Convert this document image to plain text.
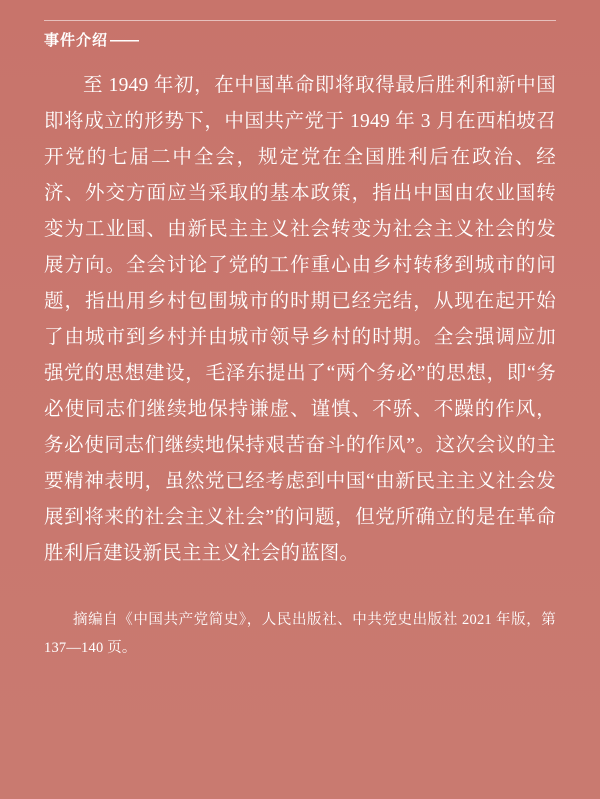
事件介绍 ——
至 1949 年初，在中国革命即将取得最后胜利和新中国即将成立的形势下，中国共产党于 1949 年 3 月在西柏坡召开党的七届二中全会，规定党在全国胜利后在政治、经济、外交方面应当采取的基本政策，指出中国由农业国转变为工业国、由新民主主义社会转变为社会主义社会的发展方向。全会讨论了党的工作重心由乡村转移到城市的问题，指出用乡村包围城市的时期已经完结，从现在起开始了由城市到乡村并由城市领导乡村的时期。全会强调应加强党的思想建设，毛泽东提出了“两个务必”的思想，即“务必使同志们继续地保持谦虚、谨慎、不骄、不躁的作风，务必使同志们继续地保持艰苦奋斗的作风”。这次会议的主要精神表明，虽然党已经考虑到中国“由新民主主义社会发展到将来的社会主义社会”的问题，但党所确立的是在革命胜利后建设新民主主义社会的蓝图。
摘编自《中国共产党简史》，人民出版社、中共党史出版社 2021 年版，第 137—140 页。
